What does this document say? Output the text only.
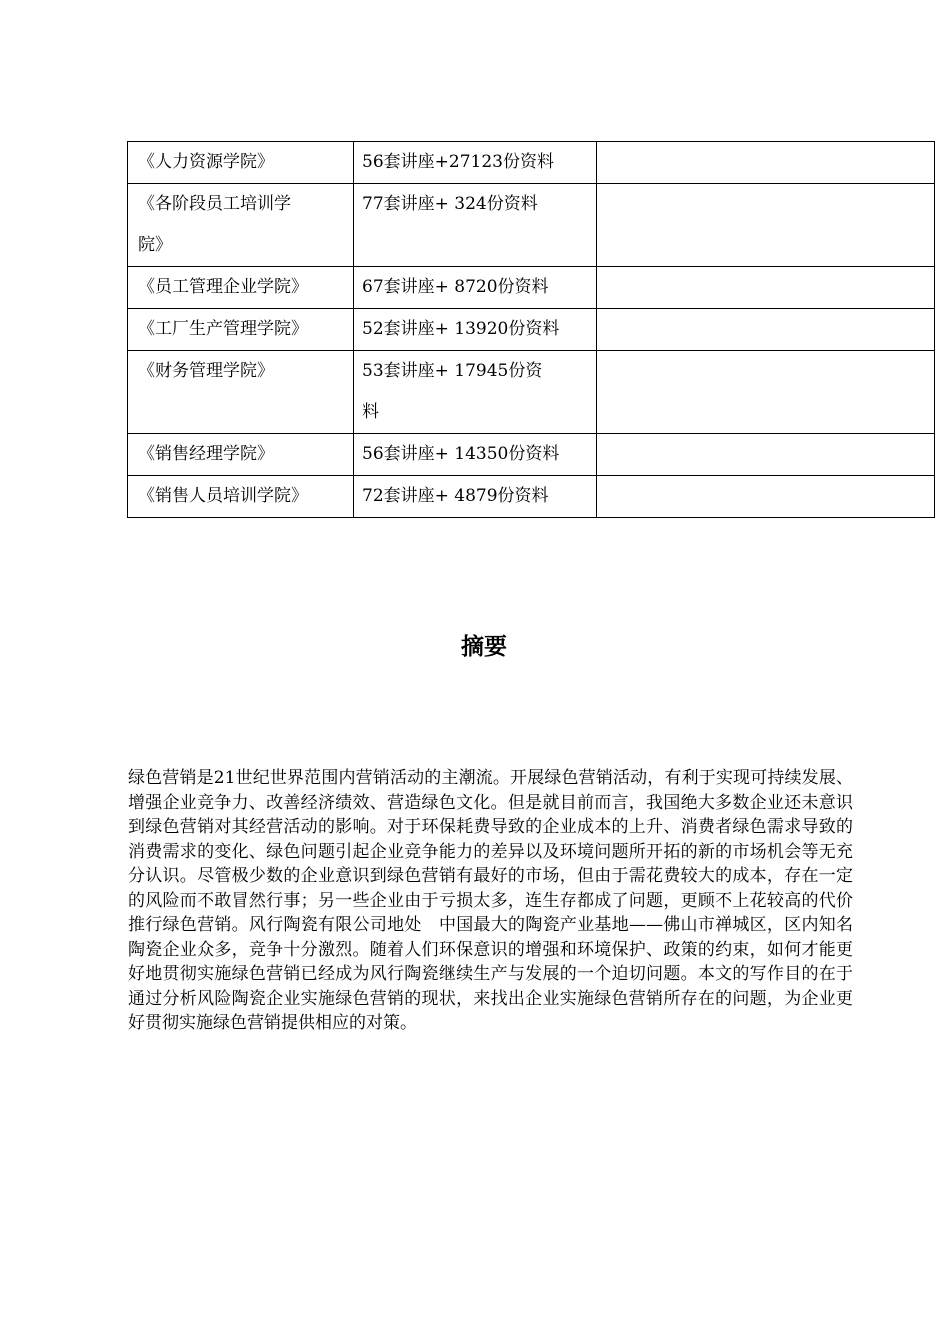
《人力资源学院》	56套讲座+27123份资料	
《各阶段员工培训学院》	77套讲座+ 324份资料	
《员工管理企业学院》	67套讲座+ 8720份资料	
《工厂生产管理学院》	52套讲座+ 13920份资料	
《财务管理学院》	53套讲座+ 17945份资料	
《销售经理学院》	56套讲座+ 14350份资料	
《销售人员培训学院》	72套讲座+ 4879份资料	
摘要

绿色营销是21世纪世界范围内营销活动的主潮流。开展绿色营销活动，有利于实现可持续发展、增强企业竞争力、改善经济绩效、营造绿色文化。但是就目前而言，我国绝大多数企业还未意识到绿色营销对其经营活动的影响。对于环保耗费导致的企业成本的上升、消费者绿色需求导致的消费需求的变化、绿色问题引起企业竞争能力的差异以及环境问题所开拓的新的市场机会等无充分认识。尽管极少数的企业意识到绿色营销有最好的市场，但由于需花费较大的成本，存在一定的风险而不敢冒然行事；另一些企业由于亏损太多，连生存都成了问题，更顾不上花较高的代价推行绿色营销。风行陶瓷有限公司地处　中国最大的陶瓷产业基地——佛山市禅城区，区内知名陶瓷企业众多，竞争十分激烈。随着人们环保意识的增强和环境保护、政策的约束，如何才能更好地贯彻实施绿色营销已经成为风行陶瓷继续生产与发展的一个迫切问题。本文的写作目的在于通过分析风险陶瓷企业实施绿色营销的现状，来找出企业实施绿色营销所存在的问题，为企业更好贯彻实施绿色营销提供相应的对策。
